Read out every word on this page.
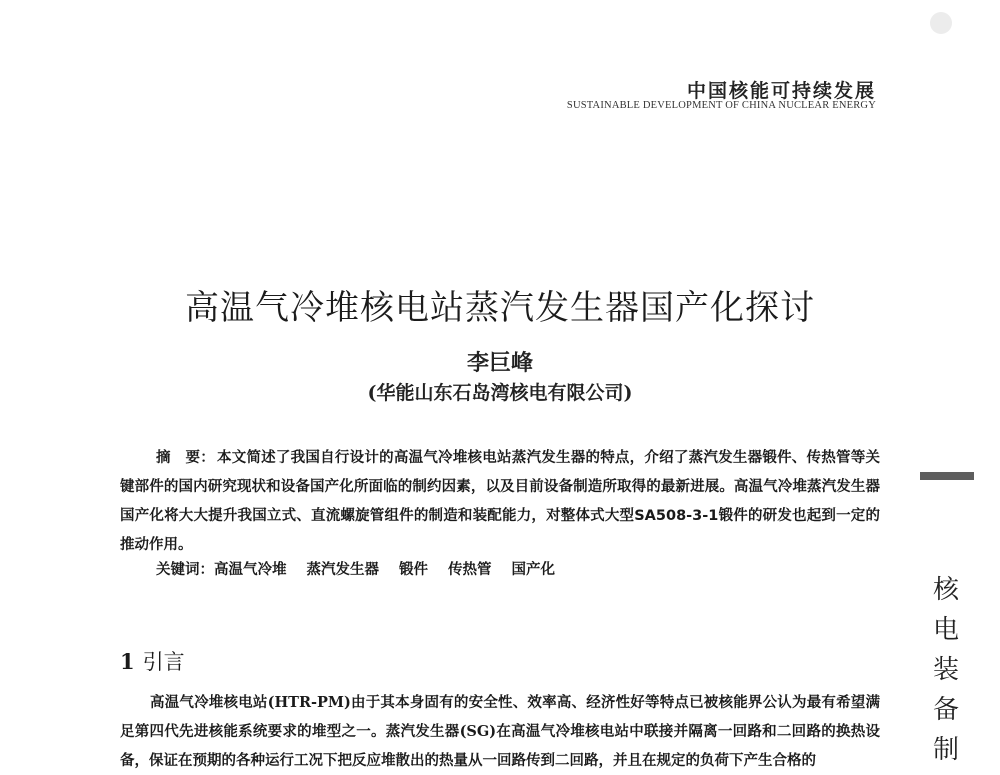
中国核能可持续发展
SUSTAINABLE DEVELOPMENT OF CHINA NUCLEAR ENERGY
高温气冷堆核电站蒸汽发生器国产化探讨
李巨峰
(华能山东石岛湾核电有限公司)

摘　要： 本文简述了我国自行设计的高温气冷堆核电站蒸汽发生器的特点，介绍了蒸汽发生器锻件、传热管等关键部件的国内研究现状和设备国产化所面临的制约因素，以及目前设备制造所取得的最新进展。高温气冷堆蒸汽发生器国产化将大大提升我国立式、直流螺旋管组件的制造和装配能力，对整体式大型SA508-3-1锻件的研发也起到一定的推动作用。

关键词：高温气冷堆 蒸汽发生器 锻件 传热管 国产化
1 引言
高温气冷堆核电站(HTR-PM)由于其本身固有的安全性、效率高、经济性好等特点已被核能界公认为最有希望满足第四代先进核能系统要求的堆型之一。蒸汽发生器(SG)在高温气冷堆核电站中联接并隔离一回路和二回路的换热设备，保证在预期的各种运行工况下把反应堆散出的热量从一回路传到二回路，并且在规定的负荷下产生合格的
核
电
装
备
制
